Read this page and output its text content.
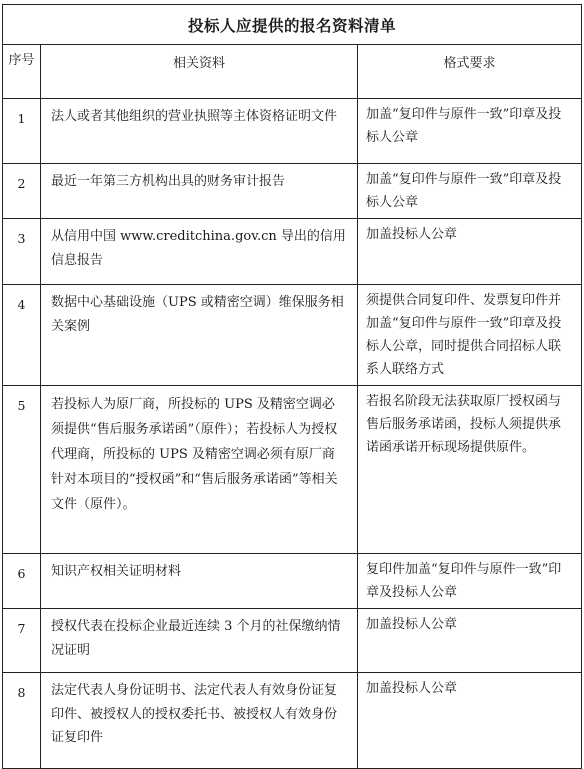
投标人应提供的报名资料清单		
序号	相关资料	格式要求
1	法人或者其他组织的营业执照等主体资格证明文件	加盖“复印件与原件一致”印章及投标人公章
2	最近一年第三方机构出具的财务审计报告	加盖“复印件与原件一致”印章及投标人公章
3	从信用中国 www.creditchina.gov.cn 导出的信用信息报告	加盖投标人公章
4	数据中心基础设施（UPS 或精密空调）维保服务相关案例	须提供合同复印件、发票复印件并加盖“复印件与原件一致”印章及投标人公章，同时提供合同招标人联系人联络方式
5	若投标人为原厂商，所投标的 UPS 及精密空调必须提供“售后服务承诺函”（原件）；若投标人为授权代理商，所投标的 UPS 及精密空调必须有原厂商针对本项目的“授权函”和“售后服务承诺函”等相关文件（原件）。	若报名阶段无法获取原厂授权函与售后服务承诺函，投标人须提供承诺函承诺开标现场提供原件。
6	知识产权相关证明材料	复印件加盖“复印件与原件一致”印章及投标人公章
7	授权代表在投标企业最近连续 3 个月的社保缴纳情况证明	加盖投标人公章
8	法定代表人身份证明书、法定代表人有效身份证复印件、被授权人的授权委托书、被授权人有效身份证复印件	加盖投标人公章
